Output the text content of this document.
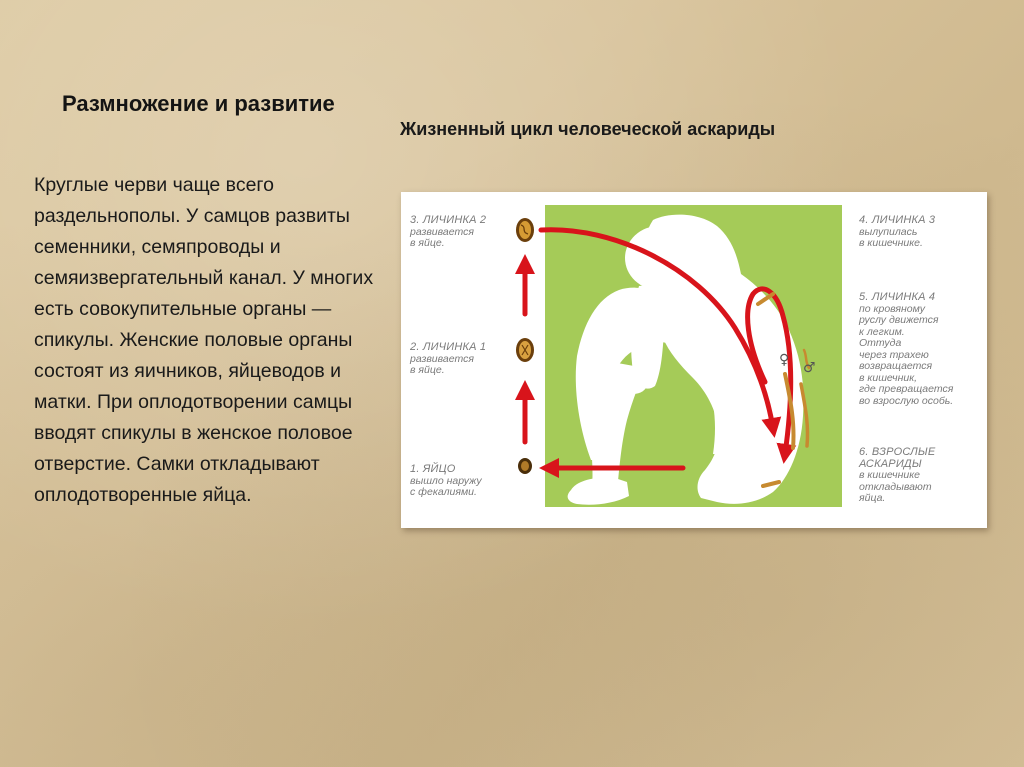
Размножение и развитие
Круглые черви чаще всего раздельнополы. У самцов развиты семенники, семяпроводы и семяизвергательный канал. У многих есть совокупительные органы — спикулы. Женские половые органы состоят из яичников, яйцеводов и матки. При оплодотворении самцы вводят спикулы в женское половое отверстие. Самки откладывают оплодотворенные яйца.
Жизненный цикл человеческой аскариды
♀ ♂
3. ЛИЧИНКА 2
развивается
в яйце.
2. ЛИЧИНКА 1
развивается
в яйце.
1. ЯЙЦО
вышло наружу
с фекалиями.
4. ЛИЧИНКА 3
вылупилась
в кишечнике.
5. ЛИЧИНКА 4
по кровяному
руслу движется
к легким.
Оттуда
через трахею
возвращается
в кишечник,
где превращается
во взрослую особь.
6. ВЗРОСЛЫЕ
АСКАРИДЫ
в кишечнике
откладывают
яйца.
